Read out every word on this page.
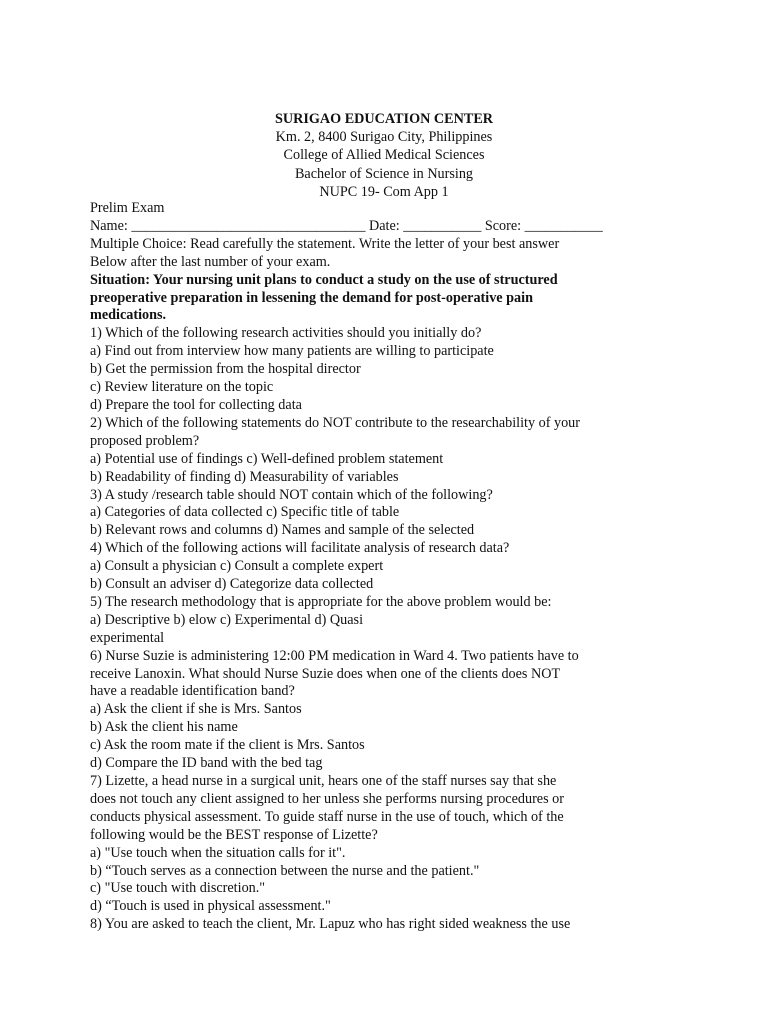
SURIGAO EDUCATION CENTER
Km. 2, 8400 Surigao City, Philippines
College of Allied Medical Sciences
Bachelor of Science in Nursing
NUPC 19- Com App 1
Prelim Exam
Name: _________________________________ Date: ___________ Score: ___________
Multiple Choice: Read carefully the statement. Write the letter of your best answer
Below after the last number of your exam.
Situation: Your nursing unit plans to conduct a study on the use of structured
preoperative preparation in lessening the demand for post-operative pain
medications.
1) Which of the following research activities should you initially do?
a) Find out from interview how many patients are willing to participate
b) Get the permission from the hospital director
c) Review literature on the topic
d) Prepare the tool for collecting data
2) Which of the following statements do NOT contribute to the researchability of your
proposed problem?
a) Potential use of findings c) Well-defined problem statement
b) Readability of finding d) Measurability of variables
3) A study /research table should NOT contain which of the following?
a) Categories of data collected c) Specific title of table
b) Relevant rows and columns d) Names and sample of the selected
4) Which of the following actions will facilitate analysis of research data?
a) Consult a physician c) Consult a complete expert
b) Consult an adviser d) Categorize data collected
5) The research methodology that is appropriate for the above problem would be:
a) Descriptive b) elow c) Experimental d) Quasi
experimental
6) Nurse Suzie is administering 12:00 PM medication in Ward 4. Two patients have to
receive Lanoxin. What should Nurse Suzie does when one of the clients does NOT
have a readable identification band?
a) Ask the client if she is Mrs. Santos
b) Ask the client his name
c) Ask the room mate if the client is Mrs. Santos
d) Compare the ID band with the bed tag
7) Lizette, a head nurse in a surgical unit, hears one of the staff nurses say that she
does not touch any client assigned to her unless she performs nursing procedures or
conducts physical assessment. To guide staff nurse in the use of touch, which of the
following would be the BEST response of Lizette?
a) "Use touch when the situation calls for it".
b) “Touch serves as a connection between the nurse and the patient."
c) "Use touch with discretion."
d) “Touch is used in physical assessment."
8) You are asked to teach the client, Mr. Lapuz who has right sided weakness the use
